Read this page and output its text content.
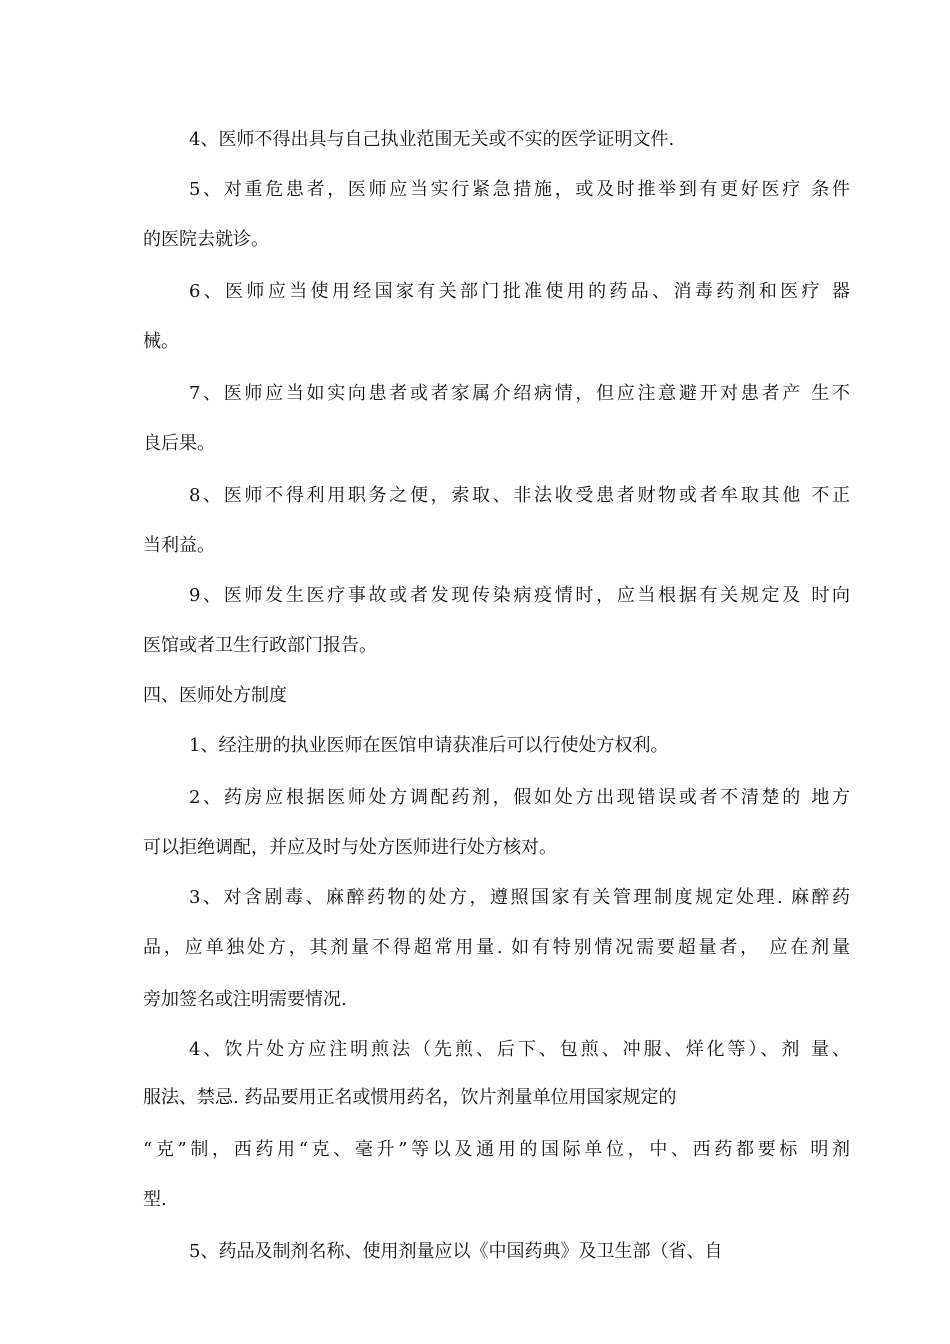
4、医师不得出具与自己执业范围无关或不实的医学证明文件.
5、对重危患者，医师应当实行紧急措施，或及时推举到有更好医疗 条件
的医院去就诊。
6、医师应当使用经国家有关部门批准使用的药品、消毒药剂和医疗 器
械。
7、医师应当如实向患者或者家属介绍病情，但应注意避开对患者产 生不
良后果。
8、医师不得利用职务之便，索取、非法收受患者财物或者牟取其他 不正
当利益。
9、医师发生医疗事故或者发现传染病疫情时，应当根据有关规定及 时向
医馆或者卫生行政部门报告。
四、医师处方制度
1、经注册的执业医师在医馆申请获准后可以行使处方权利。
2、药房应根据医师处方调配药剂，假如处方出现错误或者不清楚的 地方
可以拒绝调配，并应及时与处方医师进行处方核对。
3、对含剧毒、麻醉药物的处方，遵照国家有关管理制度规定处理. 麻醉药
品，应单独处方，其剂量不得超常用量. 如有特别情况需要超量者， 应在剂量
旁加签名或注明需要情况.
4、饮片处方应注明煎法（先煎、后下、包煎、冲服、烊化等）、剂 量、
服法、禁忌. 药品要用正名或惯用药名，饮片剂量单位用国家规定的
“克”制，西药用“克、毫升”等以及通用的国际单位，中、西药都要标 明剂
型.
5、药品及制剂名称、使用剂量应以《中国药典》及卫生部（省、自
